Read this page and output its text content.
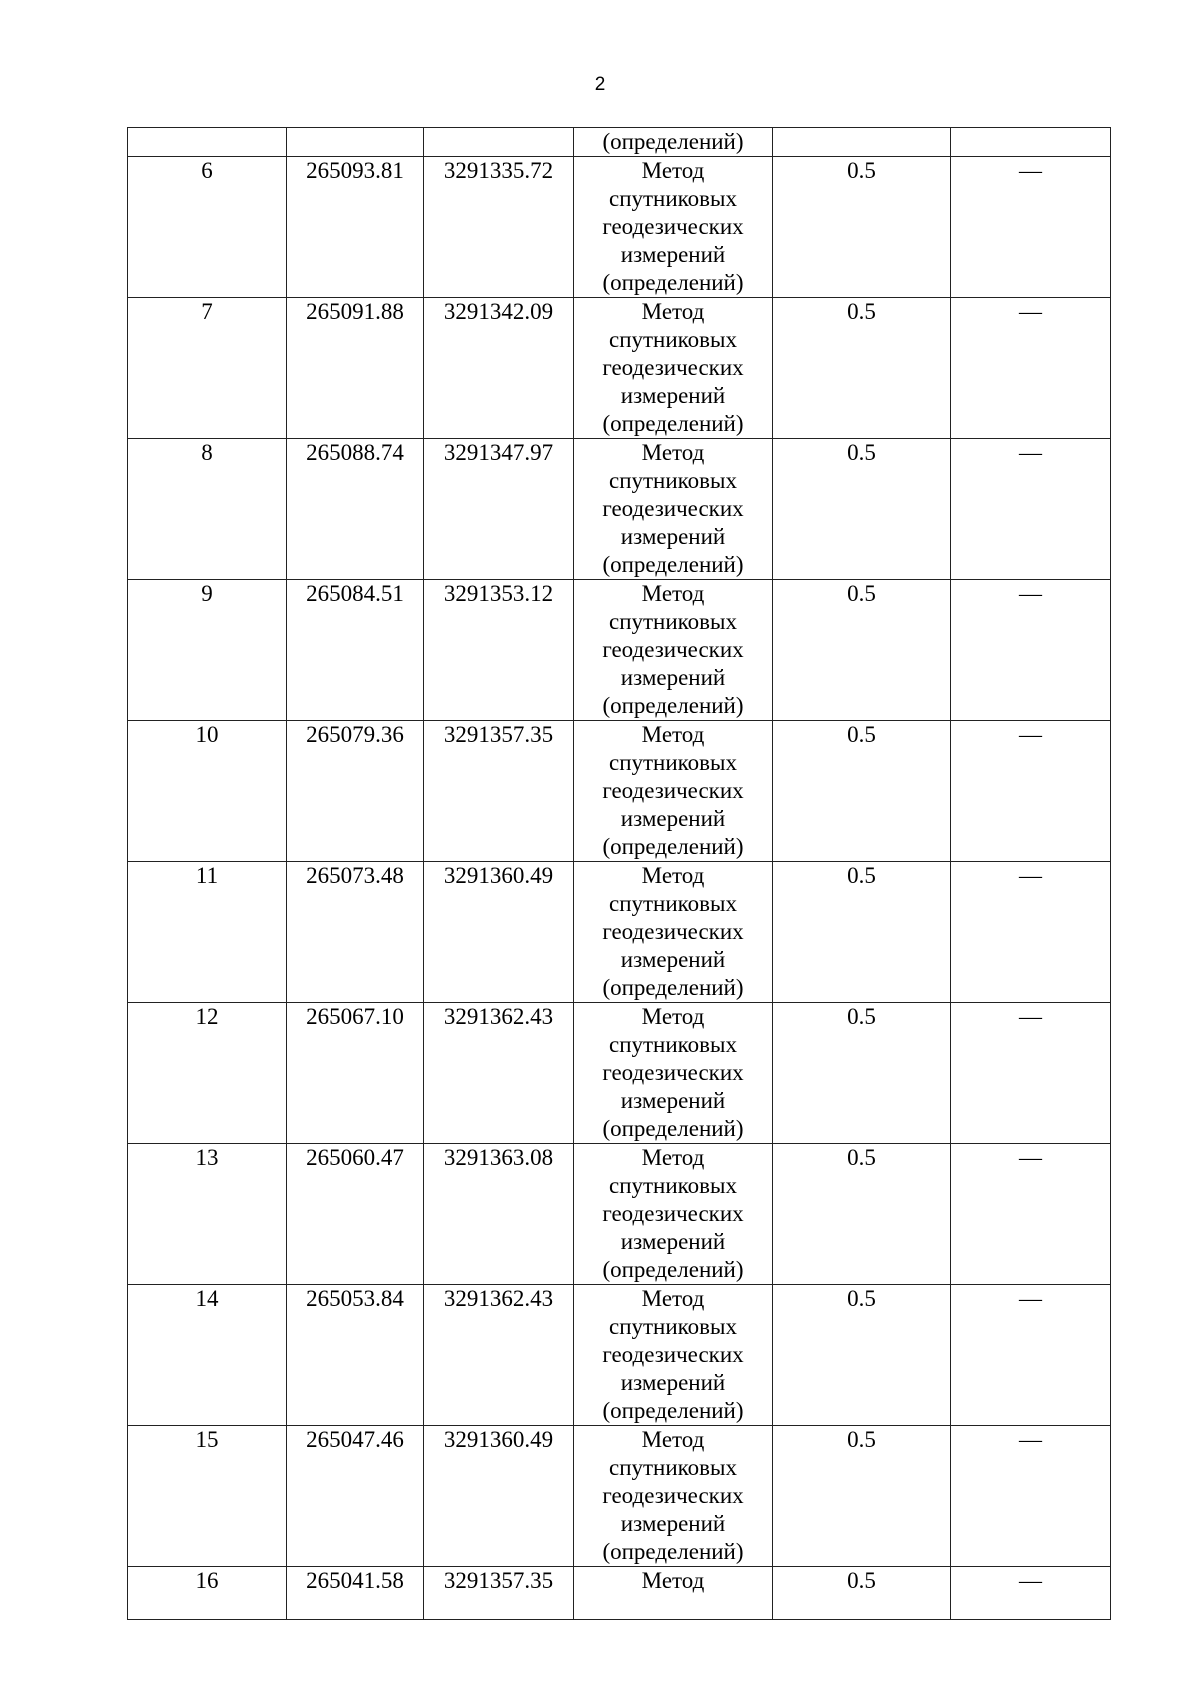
2
			(определений)		
6	265093.81	3291335.72	Метод
спутниковых
геодезических
измерений
(определений)	0.5	—
7	265091.88	3291342.09	Метод
спутниковых
геодезических
измерений
(определений)	0.5	—
8	265088.74	3291347.97	Метод
спутниковых
геодезических
измерений
(определений)	0.5	—
9	265084.51	3291353.12	Метод
спутниковых
геодезических
измерений
(определений)	0.5	—
10	265079.36	3291357.35	Метод
спутниковых
геодезических
измерений
(определений)	0.5	—
11	265073.48	3291360.49	Метод
спутниковых
геодезических
измерений
(определений)	0.5	—
12	265067.10	3291362.43	Метод
спутниковых
геодезических
измерений
(определений)	0.5	—
13	265060.47	3291363.08	Метод
спутниковых
геодезических
измерений
(определений)	0.5	—
14	265053.84	3291362.43	Метод
спутниковых
геодезических
измерений
(определений)	0.5	—
15	265047.46	3291360.49	Метод
спутниковых
геодезических
измерений
(определений)	0.5	—
16	265041.58	3291357.35	Метод	0.5	—
